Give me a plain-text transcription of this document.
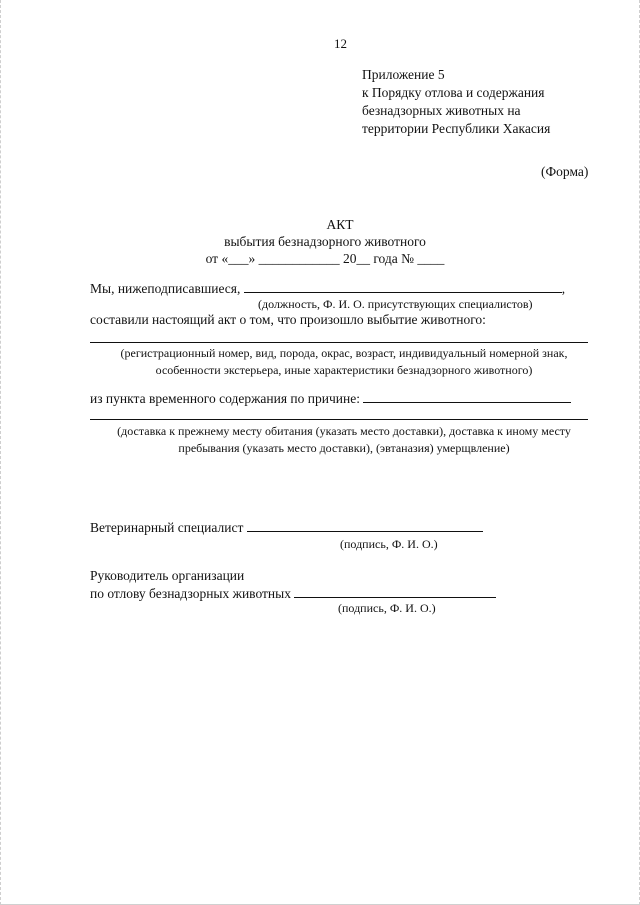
12
Приложение 5
к Порядку отлова и содержания
безнадзорных животных на
территории Республики Хакасия
(Форма)
АКТ
выбытия безнадзорного животного
от «___» ____________ 20__ года № ____
Мы, нижеподписавшиеся,	,
(должность, Ф. И. О. присутствующих специалистов)
составили настоящий акт о том, что произошло выбытие животного:
(регистрационный номер, вид, порода, окрас, возраст, индивидуальный номерной знак,
особенности экстерьера, иные характеристики безнадзорного животного)
из пункта временного содержания по причине:
(доставка к прежнему месту обитания (указать место доставки), доставка к иному месту
пребывания (указать место доставки), (эвтаназия) умерщвление)
Ветеринарный специалист
(подпись, Ф. И. О.)
Руководитель организации
по отлову безнадзорных животных
(подпись, Ф. И. О.)
